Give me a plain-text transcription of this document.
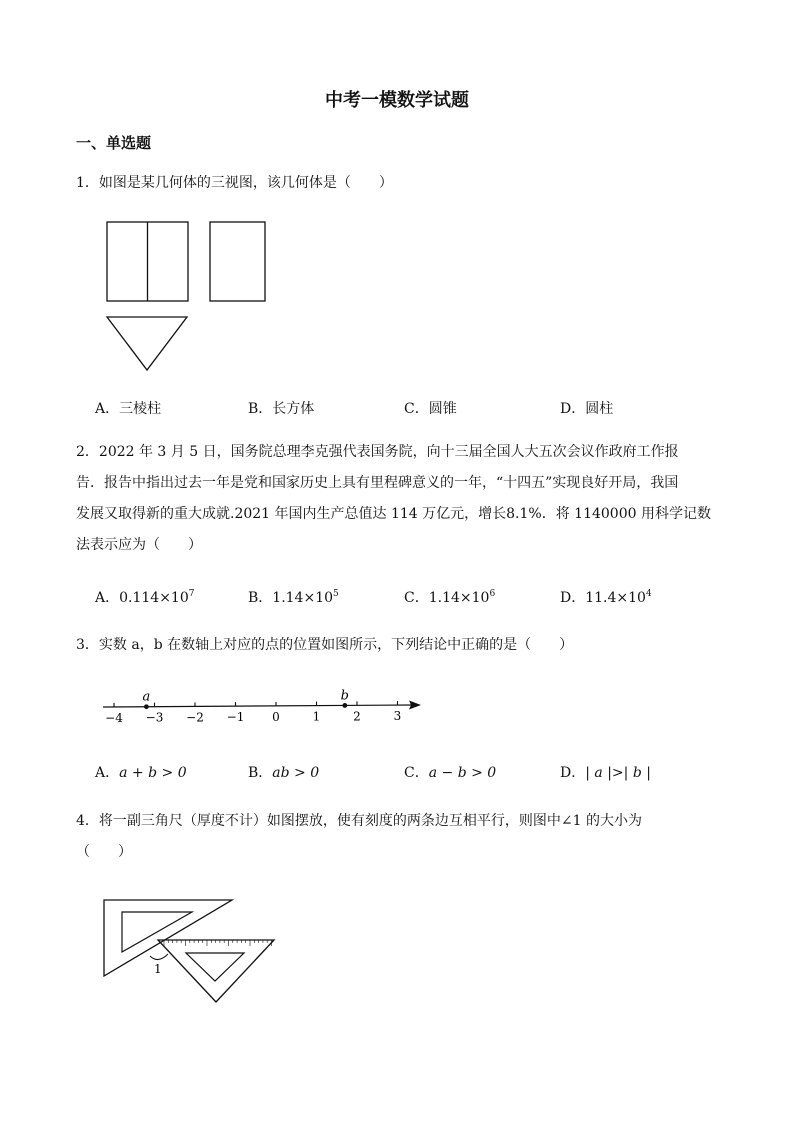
中考一模数学试题
一、单选题
1．如图是某几何体的三视图，该几何体是（　　）
A．三棱柱	B．长方体	C．圆锥	D．圆柱
2．2022 年 3 月 5 日，国务院总理李克强代表国务院，向十三届全国人大五次会议作政府工作报
告．报告中指出过去一年是党和国家历史上具有里程碑意义的一年，“十四五”实现良好开局，我国
发展又取得新的重大成就.2021 年国内生产总值达 114 万亿元，增长8.1%．将 1140000 用科学记数
法表示应为（　　）
A．$0.114\times 10^7$	B．$1.14\times 10^5$	C．$1.14\times 10^6$	D．$11.4\times 10^4$
3．实数 a，b 在数轴上对应的点的位置如图所示，下列结论中正确的是（　　）
−4 −3 −2 −1 0	1	2	3
a	b
A．a + b > 0	B．ab > 0	C．a − b > 0	D．| a |>| b |
4．将一副三角尺（厚度不计）如图摆放，使有刻度的两条边互相平行，则图中∠1 的大小为
（　　）
1
